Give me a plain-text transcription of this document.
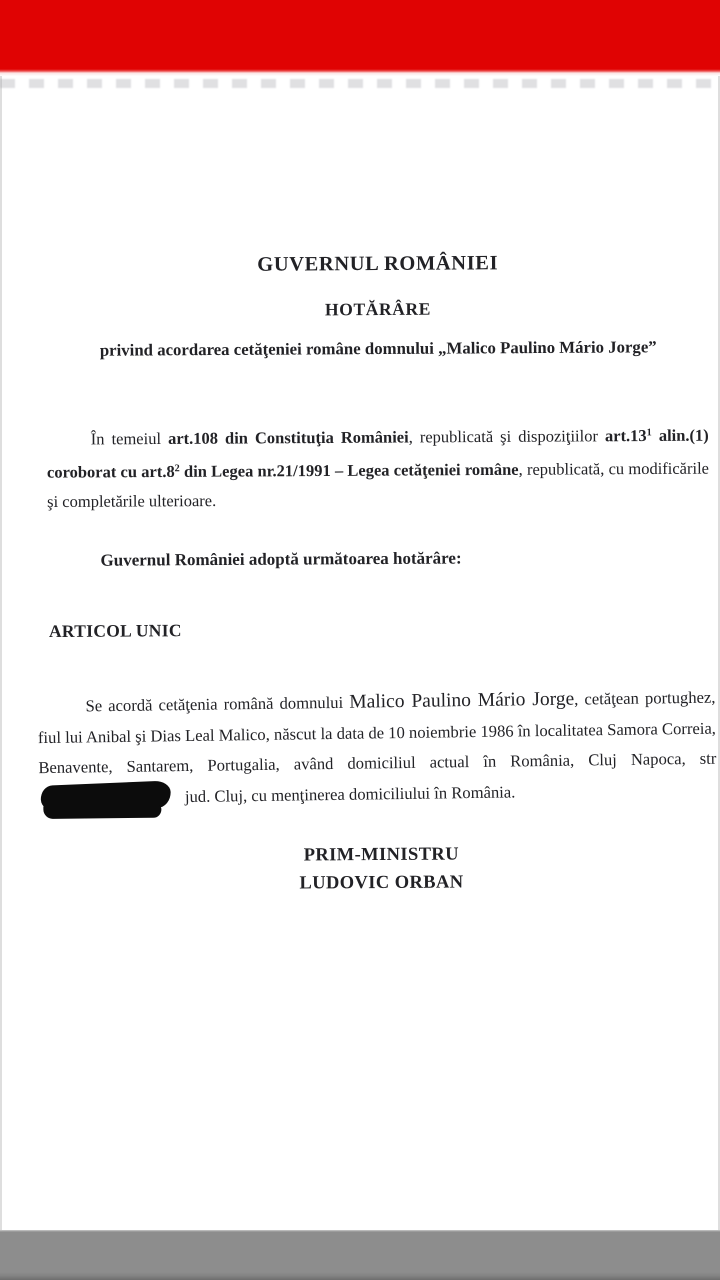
GUVERNUL ROMÂNIEI
HOTĂRÂRE

privind acordarea cetăţeniei române domnului „Malico Paulino Mário Jorge”

În temeiul art.108 din Constituţia României, republicată şi dispoziţiilor $art.13^1$ alin.(1) coroborat cu $art.8^2$ din Legea nr.21/1991 – Legea cetăţeniei române, republicată, cu modificările şi completările ulterioare.

Guvernul României adoptă următoarea hotărâre:

ARTICOL UNIC

Se acordă cetăţenia română domnului Malico Paulino Mário Jorge, cetăţean portughez, fiul lui Anibal şi Dias Leal Malico, născut la data de 10 noiembrie 1986 în localitatea Samora Correia, Benavente, Santarem, Portugalia, având domiciliul actual în România, Cluj Napoca, str  jud. Cluj, cu menţinerea domiciliului în România.

PRIM-MINISTRU
LUDOVIC ORBAN
